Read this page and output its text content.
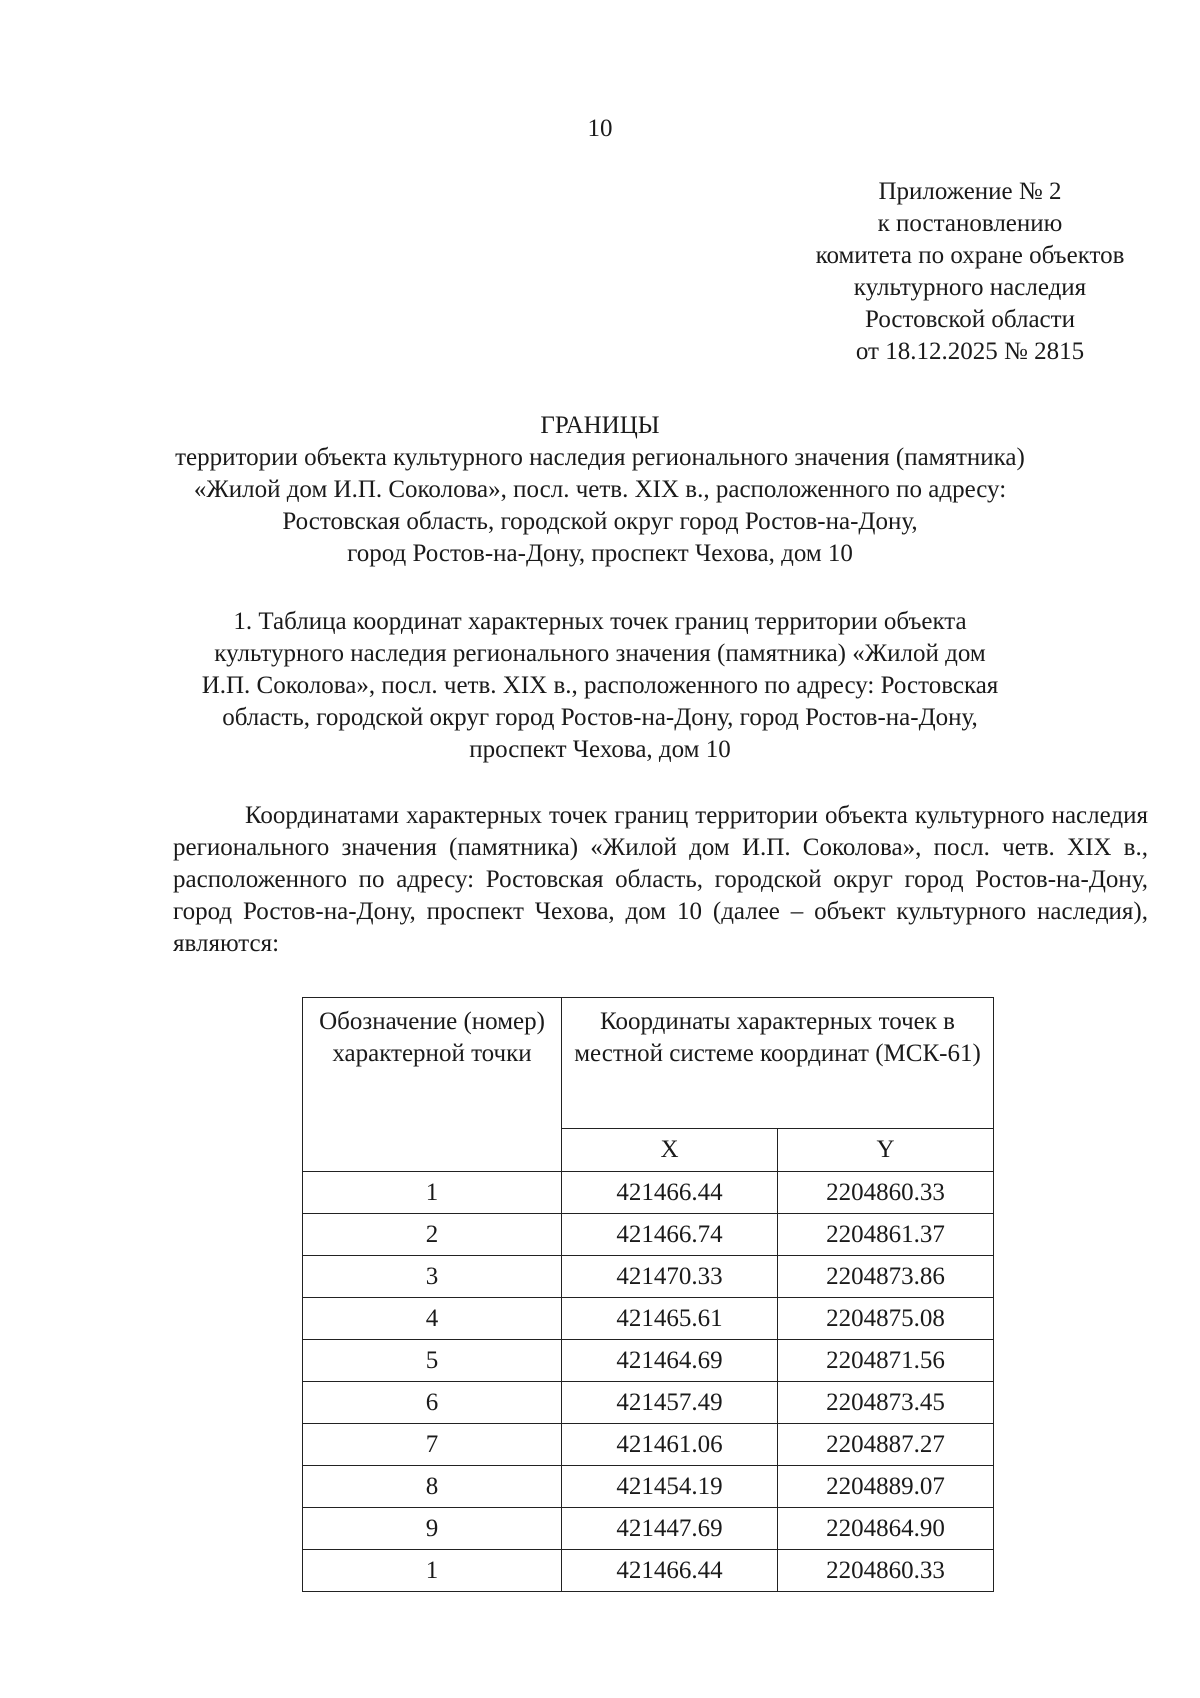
10
Приложение № 2
к постановлению
комитета по охране объектов
культурного наследия
Ростовской области
от 18.12.2025 № 2815
ГРАНИЦЫ
территории объекта культурного наследия регионального значения (памятника)
«Жилой дом И.П. Соколова», посл. четв. XIX в., расположенного по адресу:
Ростовская область, городской округ город Ростов-на-Дону,
город Ростов-на-Дону, проспект Чехова, дом 10
1. Таблица координат характерных точек границ территории объекта
культурного наследия регионального значения (памятника) «Жилой дом
И.П. Соколова», посл. четв. XIX в., расположенного по адресу: Ростовская
область, городской округ город Ростов-на-Дону, город Ростов-на-Дону,
проспект Чехова, дом 10

Координатами характерных точек границ территории объекта культурного наследия регионального значения (памятника) «Жилой дом И.П. Соколова», посл. четв. XIX в., расположенного по адресу: Ростовская область, городской округ город Ростов-на-Дону, город Ростов-на-Дону, проспект Чехова, дом 10 (далее – объект культурного наследия), являются:

Обозначение (номер) характерной точки	Координаты характерных точек в местной системе координат (МСК-61)	
	X	Y
1	421466.44	2204860.33
2	421466.74	2204861.37
3	421470.33	2204873.86
4	421465.61	2204875.08
5	421464.69	2204871.56
6	421457.49	2204873.45
7	421461.06	2204887.27
8	421454.19	2204889.07
9	421447.69	2204864.90
1	421466.44	2204860.33
